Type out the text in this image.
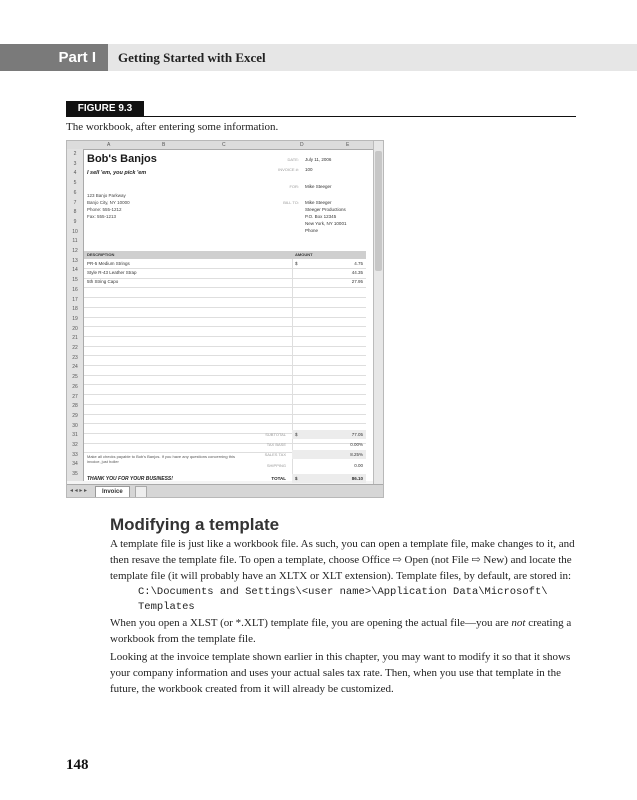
Part I	Getting Started with Excel
FIGURE 9.3
The workbook, after entering some information.
A	B	C	D	E
2
3
4
5
6
7
8
9
10
11
12
13
14
15
16
17
18
19
20
21
22
23
24
25
26
27
28
29
30
31
32
33
34
35
Bob's Banjos
I sell 'em, you pick 'em
123 Banjo Parkway
Banjo City, NY 10000
Phone: 555-1212
Fax: 555-1213
DATE: July 11, 2006
INVOICE #: 100
FOR: Mike Steeger
BILL TO: Mike Steeger
Steeger Productions
P.O. Box 12345
New York, NY 10001
Phone
DESCRIPTION	AMOUNT
PR-5 Medium Strings	$	4.75
Style R-43 Leather Strap	44.35
5th String Capo	27.95
SUBTOTAL $	77.05
TAX BASE	0.00%
SALES TAX	8.25%
SHIPPING	0.00
Make all checks payable to Bob's Banjos. If you have any questions concerning this invoice, just holler
THANK YOU FOR YOUR BUSINESS!	TOTAL $	86.10
◂ ◂ ▸ ▸	Invoice
Modifying a template

A template file is just like a workbook file. As such, you can open a template file, make changes to it, and then resave the template file. To open a template, choose Office ⇨ Open (not File ⇨ New) and locate the template file (it will probably have an XLTX or XLT extension). Template files, by default, are stored in:

C:\Documents and Settings\<user name>\Application Data\Microsoft\
Templates

When you open a XLST (or *.XLT) template file, you are opening the actual file—you are not creating a workbook from the template file.

Looking at the invoice template shown earlier in this chapter, you may want to modify it so that it shows your company information and uses your actual sales tax rate. Then, when you use that template in the future, the workbook created from it will already be customized.

148
